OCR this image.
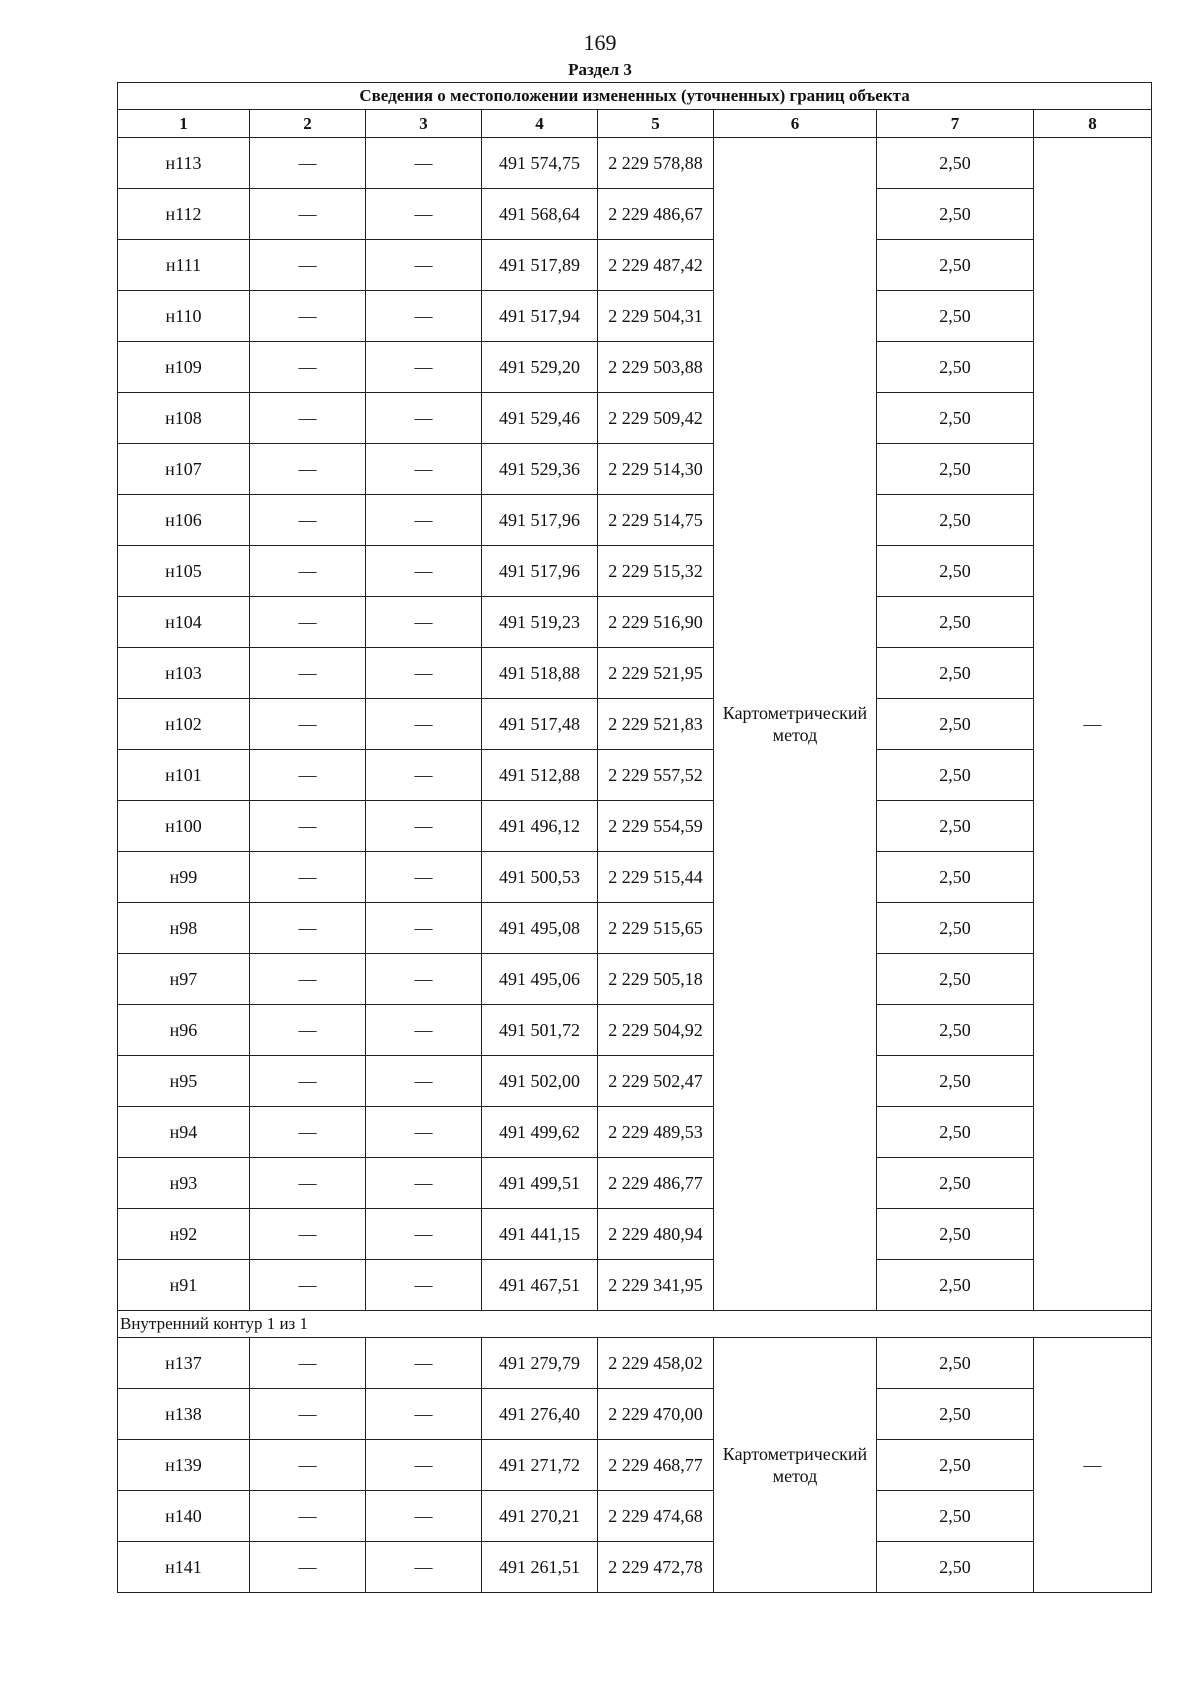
169
Раздел 3
Сведения о местоположении измененных (уточненных) границ объекта							
1	2	3	4	5	6	7	8
н113	—	—	491 574,75	2 229 578,88	Картометрический метод	2,50	—
н112	—	—	491 568,64	2 229 486,67		2,50	
н111	—	—	491 517,89	2 229 487,42		2,50	
н110	—	—	491 517,94	2 229 504,31		2,50	
н109	—	—	491 529,20	2 229 503,88		2,50	
н108	—	—	491 529,46	2 229 509,42		2,50	
н107	—	—	491 529,36	2 229 514,30		2,50	
н106	—	—	491 517,96	2 229 514,75		2,50	
н105	—	—	491 517,96	2 229 515,32		2,50	
н104	—	—	491 519,23	2 229 516,90		2,50	
н103	—	—	491 518,88	2 229 521,95		2,50	
н102	—	—	491 517,48	2 229 521,83		2,50	
н101	—	—	491 512,88	2 229 557,52		2,50	
н100	—	—	491 496,12	2 229 554,59		2,50	
н99	—	—	491 500,53	2 229 515,44		2,50	
н98	—	—	491 495,08	2 229 515,65		2,50	
н97	—	—	491 495,06	2 229 505,18		2,50	
н96	—	—	491 501,72	2 229 504,92		2,50	
н95	—	—	491 502,00	2 229 502,47		2,50	
н94	—	—	491 499,62	2 229 489,53		2,50	
н93	—	—	491 499,51	2 229 486,77		2,50	
н92	—	—	491 441,15	2 229 480,94		2,50	
н91	—	—	491 467,51	2 229 341,95		2,50	
Внутренний контур 1 из 1							
н137	—	—	491 279,79	2 229 458,02	Картометрический метод	2,50	—
н138	—	—	491 276,40	2 229 470,00		2,50	
н139	—	—	491 271,72	2 229 468,77		2,50	
н140	—	—	491 270,21	2 229 474,68		2,50	
н141	—	—	491 261,51	2 229 472,78		2,50	
